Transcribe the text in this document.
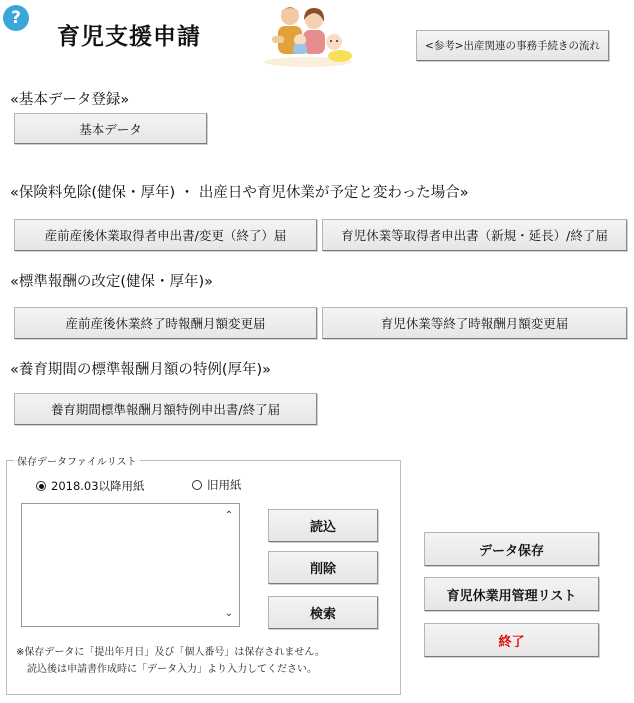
?
育児支援申請	<参考>出産関連の事務手続きの流れ
«基本データ登録»
基本データ
«保険料免除(健保・厚年) ・ 出産日や育児休業が予定と変わった場合»
産前産後休業取得者申出書/変更（終了）届	育児休業等取得者申出書（新規・延長）/終了届
«標準報酬の改定(健保・厚年)»
産前産後休業終了時報酬月額変更届	育児休業等終了時報酬月額変更届
«養育期間の標準報酬月額の特例(厚年)»
養育期間標準報酬月額特例申出書/終了届
保存データファイルリスト
2018.03以降用紙	旧用紙
⌃
⌄
読込
削除
検索
※保存データに「提出年月日」及び「個人番号」は保存されません。
読込後は申請書作成時に「データ入力」より入力してください。
データ保存
育児休業用管理リスト
終了
